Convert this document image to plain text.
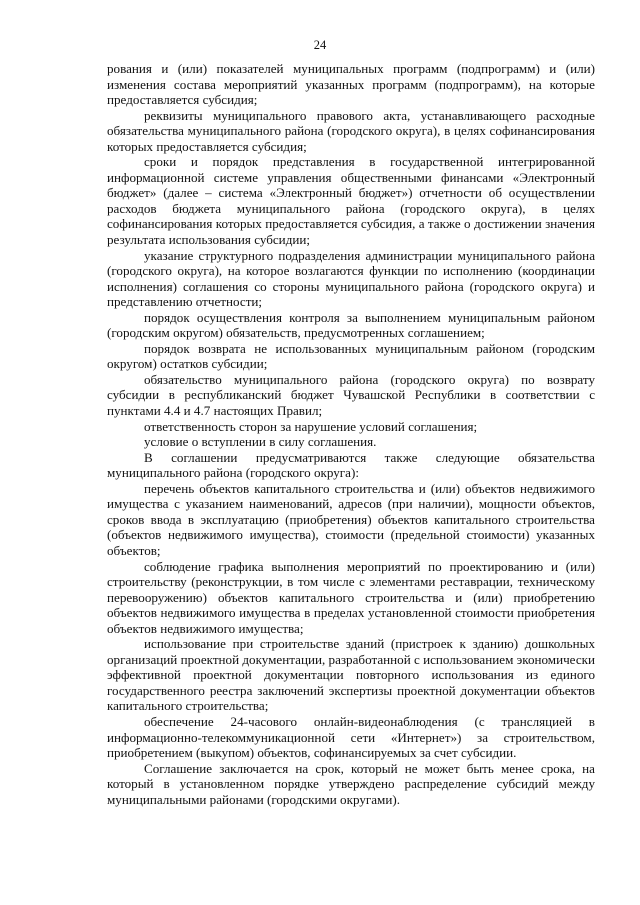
24

рования и (или) показателей муниципальных программ (подпрограмм) и (или) изменения состава мероприятий указанных программ (подпрограмм), на которые предоставляется субсидия;

реквизиты муниципального правового акта, устанавливающего расходные обязательства муниципального района (городского округа), в целях софинансирования которых предоставляется субсидия;

сроки и порядок представления в государственной интегрированной информационной системе управления общественными финансами «Электронный бюджет» (далее – система «Электронный бюджет») отчетности об осуществлении расходов бюджета муниципального района (городского округа), в целях софинансирования которых предоставляется субсидия, а также о достижении значения результата использования субсидии;

указание структурного подразделения администрации муниципального района (городского округа), на которое возлагаются функции по исполнению (координации исполнения) соглашения со стороны муниципального района (городского округа) и представлению отчетности;

порядок осуществления контроля за выполнением муниципальным районом (городским округом) обязательств, предусмотренных соглашением;

порядок возврата не использованных муниципальным районом (городским округом) остатков субсидии;

обязательство муниципального района (городского округа) по возврату субсидии в республиканский бюджет Чувашской Республики в соответствии с пунктами 4.4 и 4.7 настоящих Правил;

ответственность сторон за нарушение условий соглашения;

условие о вступлении в силу соглашения.

В соглашении предусматриваются также следующие обязательства муниципального района (городского округа):

перечень объектов капитального строительства и (или) объектов недвижимого имущества с указанием наименований, адресов (при наличии), мощности объектов, сроков ввода в эксплуатацию (приобретения) объектов капитального строительства (объектов недвижимого имущества), стоимости (предельной стоимости) указанных объектов;

соблюдение графика выполнения мероприятий по проектированию и (или) строительству (реконструкции, в том числе с элементами реставрации, техническому перевооружению) объектов капитального строительства и (или) приобретению объектов недвижимого имущества в пределах установленной стоимости приобретения объектов недвижимого имущества;

использование при строительстве зданий (пристроек к зданию) дошкольных организаций проектной документации, разработанной с использованием экономически эффективной проектной документации повторного использования из единого государственного реестра заключений экспертизы проектной документации объектов капитального строительства;

обеспечение 24-часового онлайн-видеонаблюдения (с трансляцией в информационно-телекоммуникационной сети «Интернет») за строительством, приобретением (выкупом) объектов, софинансируемых за счет субсидии.

Соглашение заключается на срок, который не может быть менее срока, на который в установленном порядке утверждено распределение субсидий между муниципальными районами (городскими округами).
